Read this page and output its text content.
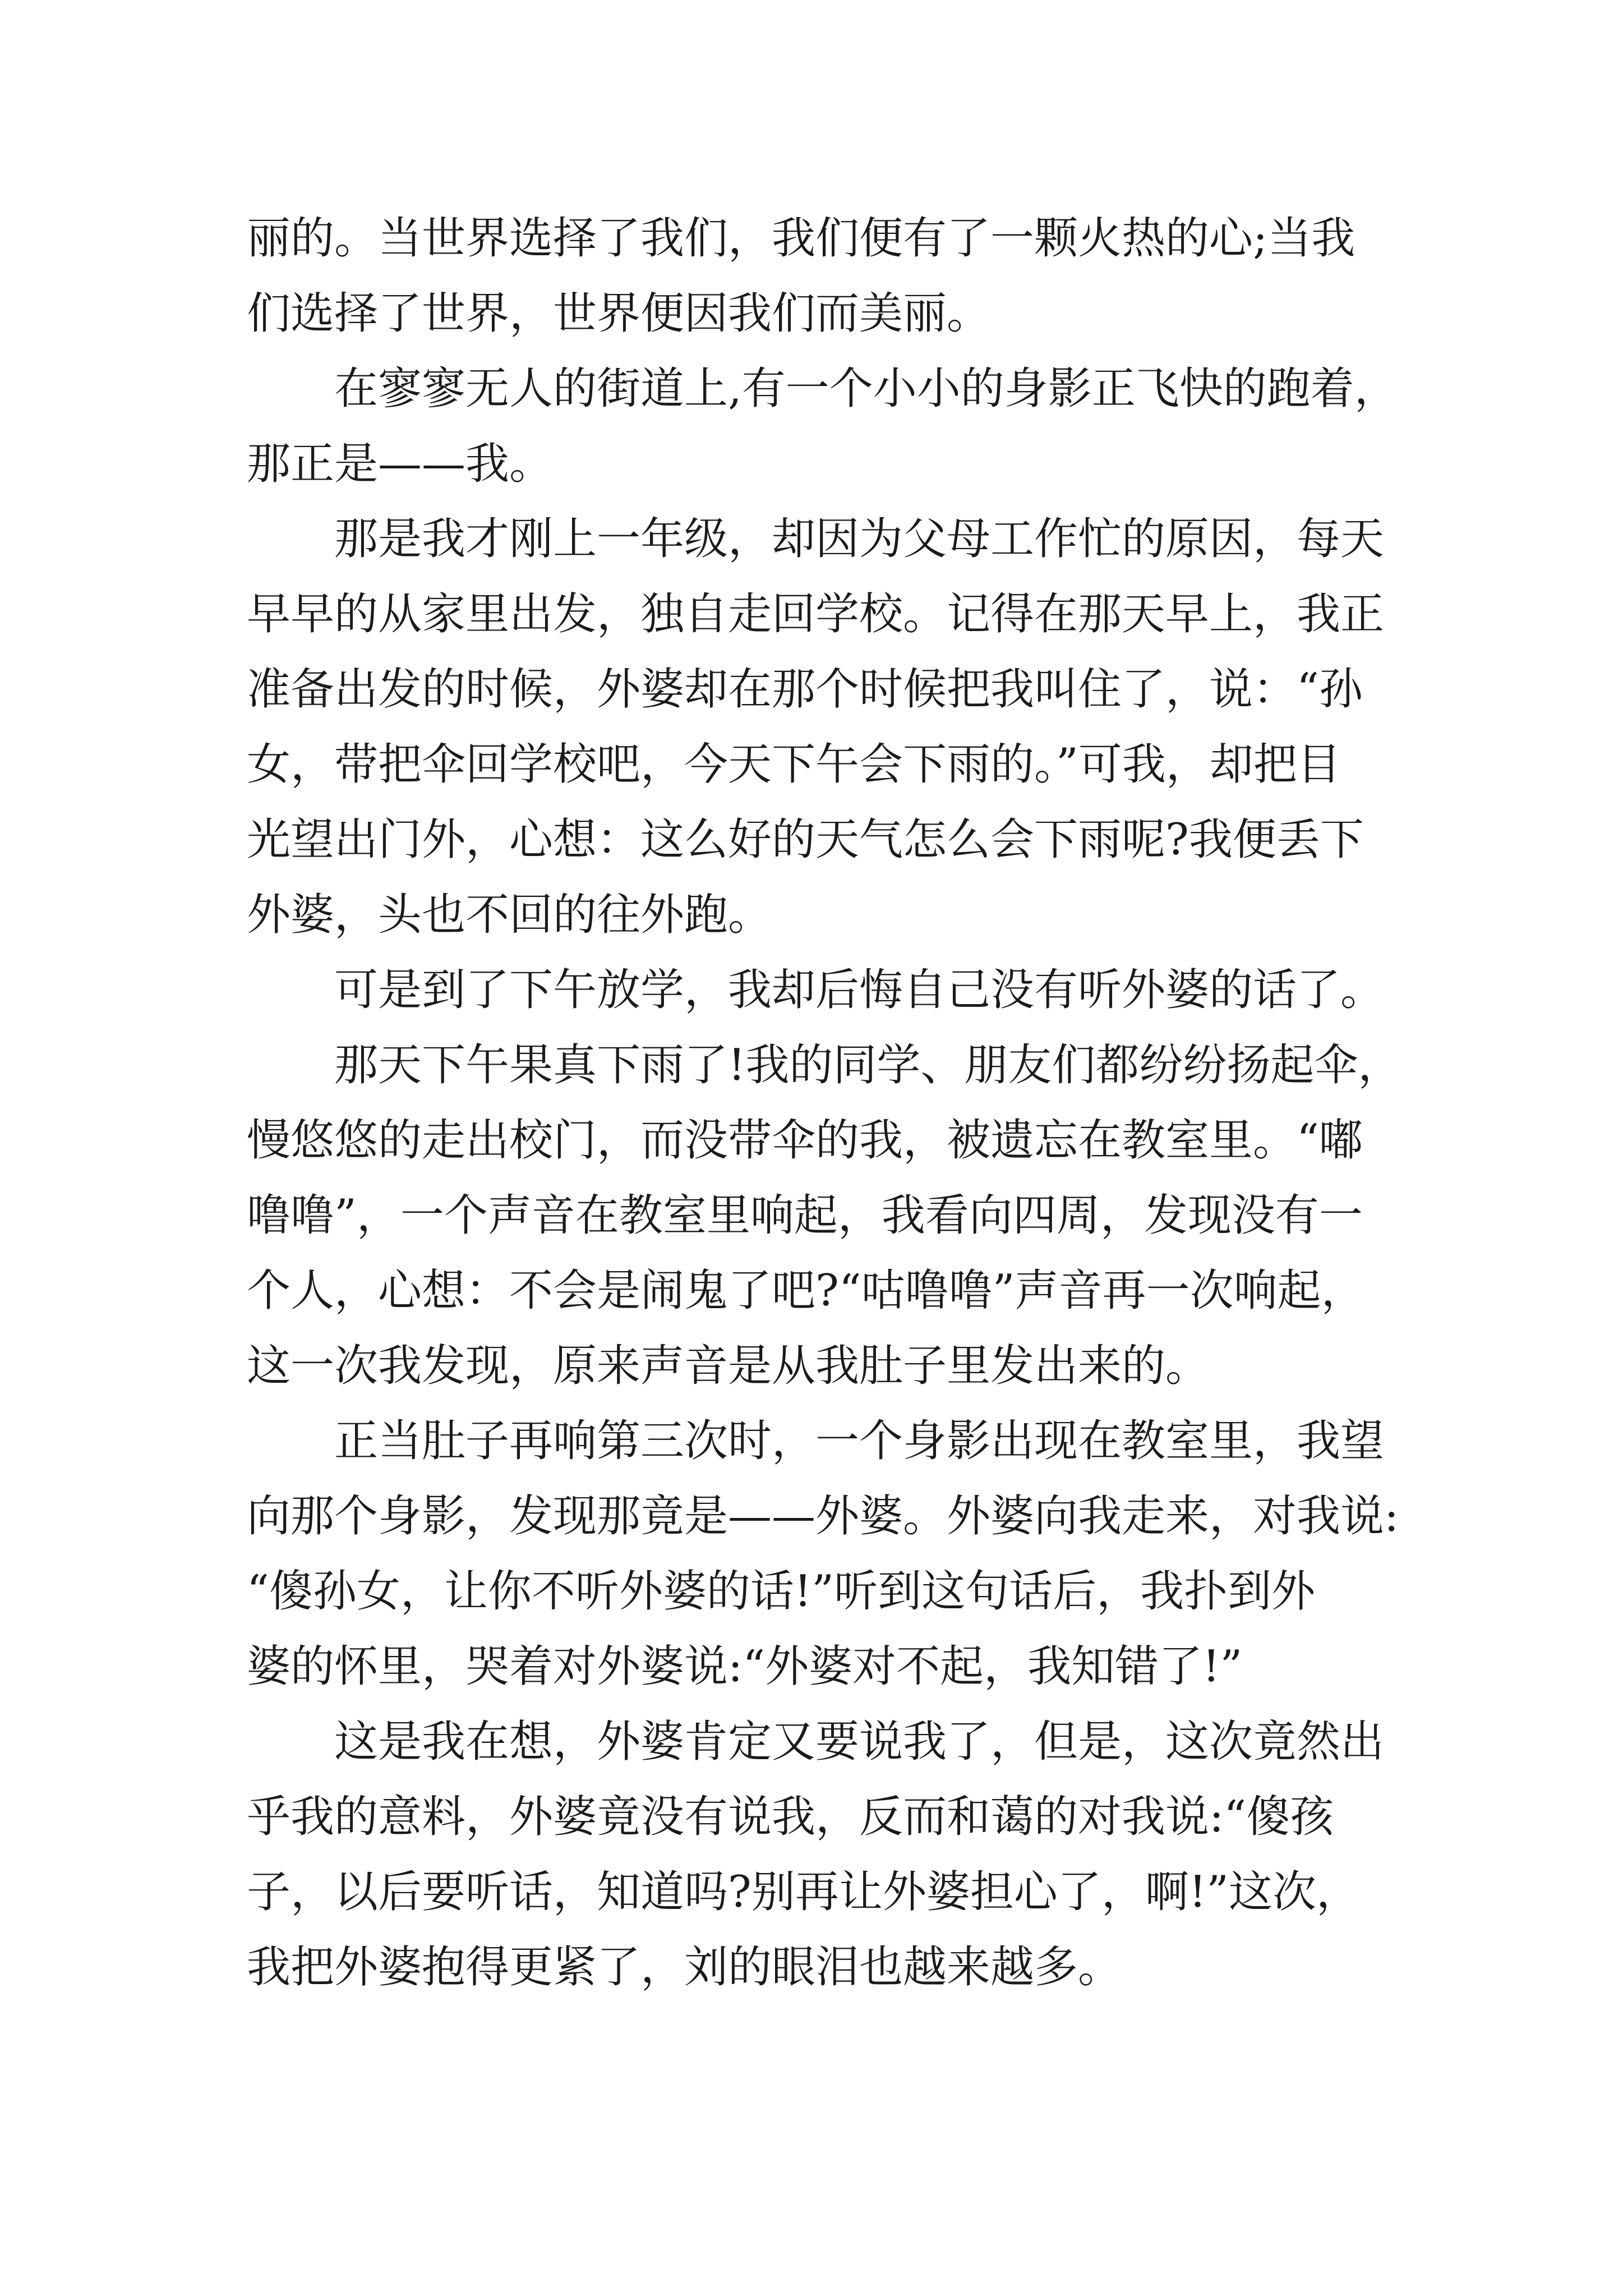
丽的。当世界选择了我们，我们便有了一颗火热的心;当我
们选择了世界，世界便因我们而美丽。
在寥寥无人的街道上,有一个小小的身影正飞快的跑着，
那正是——我。
那是我才刚上一年级，却因为父母工作忙的原因，每天
早早的从家里出发，独自走回学校。记得在那天早上，我正
准备出发的时候，外婆却在那个时候把我叫住了，说：“孙
女，带把伞回学校吧，今天下午会下雨的。”可我，却把目
光望出门外，心想：这么好的天气怎么会下雨呢?我便丢下
外婆，头也不回的往外跑。
可是到了下午放学，我却后悔自己没有听外婆的话了。
那天下午果真下雨了!我的同学、朋友们都纷纷扬起伞，
慢悠悠的走出校门，而没带伞的我，被遗忘在教室里。“嘟
噜噜”，一个声音在教室里响起，我看向四周，发现没有一
个人，心想：不会是闹鬼了吧?“咕噜噜”声音再一次响起，
这一次我发现，原来声音是从我肚子里发出来的。
正当肚子再响第三次时，一个身影出现在教室里，我望
向那个身影，发现那竟是——外婆。外婆向我走来，对我说:
“傻孙女，让你不听外婆的话!”听到这句话后，我扑到外
婆的怀里，哭着对外婆说:“外婆对不起，我知错了!”
这是我在想，外婆肯定又要说我了，但是，这次竟然出
乎我的意料，外婆竟没有说我，反而和蔼的对我说:“傻孩
子，以后要听话，知道吗?别再让外婆担心了，啊!”这次，
我把外婆抱得更紧了，刘的眼泪也越来越多。
